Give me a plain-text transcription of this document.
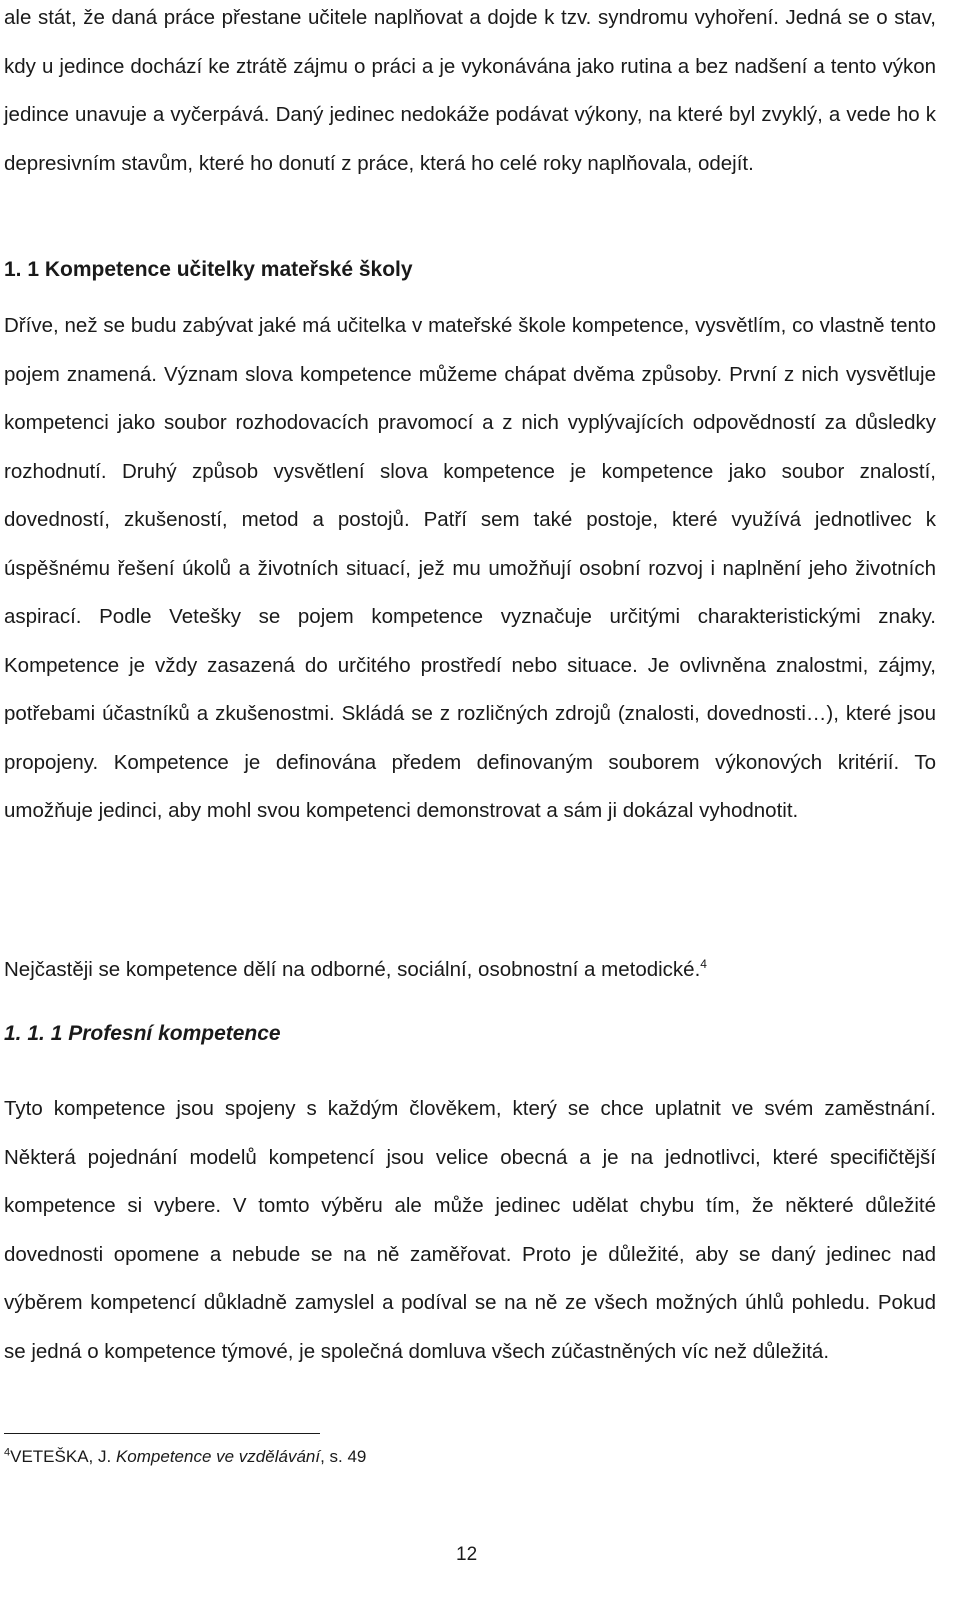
ale stát, že daná práce přestane učitele naplňovat a dojde k tzv. syndromu vyhoření. Jedná se o stav, kdy u jedince dochází ke ztrátě zájmu o práci a je vykonávána jako rutina a bez nadšení a tento výkon jedince unavuje a vyčerpává. Daný jedinec nedokáže podávat výkony, na které byl zvyklý, a vede ho k depresivním stavům, které ho donutí z práce, která ho celé roky naplňovala, odejít.

1. 1 Kompetence učitelky mateřské školy

Dříve, než se budu zabývat jaké má učitelka v mateřské škole kompetence, vysvětlím, co vlastně tento pojem znamená. Význam slova kompetence můžeme chápat dvěma způsoby. První z nich vysvětluje kompetenci jako soubor rozhodovacích pravomocí a z nich vyplývajících odpovědností za důsledky rozhodnutí. Druhý způsob vysvětlení slova kompetence je kompetence jako soubor znalostí, dovedností, zkušeností, metod a postojů. Patří sem také postoje, které využívá jednotlivec k úspěšnému řešení úkolů a životních situací, jež mu umožňují osobní rozvoj i naplnění jeho životních aspirací. Podle Vetešky se pojem kompetence vyznačuje určitými charakteristickými znaky. Kompetence je vždy zasazená do určitého prostředí nebo situace. Je ovlivněna znalostmi, zájmy, potřebami účastníků a zkušenostmi. Skládá se z rozličných zdrojů (znalosti, dovednosti…), které jsou propojeny. Kompetence je definována předem definovaným souborem výkonových kritérií. To umožňuje jedinci, aby mohl svou kompetenci demonstrovat a sám ji dokázal vyhodnotit.

Nejčastěji se kompetence dělí na odborné, sociální, osobnostní a metodické.$^4$

1. 1. 1 Profesní kompetence

Tyto kompetence jsou spojeny s každým člověkem, který se chce uplatnit ve svém zaměstnání. Některá pojednání modelů kompetencí jsou velice obecná a je na jednotlivci, které specifičtější kompetence si vybere. V tomto výběru ale může jedinec udělat chybu tím, že některé důležité dovednosti opomene a nebude se na ně zaměřovat. Proto je důležité, aby se daný jedinec nad výběrem kompetencí důkladně zamyslel a podíval se na ně ze všech možných úhlů pohledu. Pokud se jedná o kompetence týmové, je společná domluva všech zúčastněných víc než důležitá.

$^4$VETEŠKA, J. Kompetence ve vzdělávání, s. 49

12
